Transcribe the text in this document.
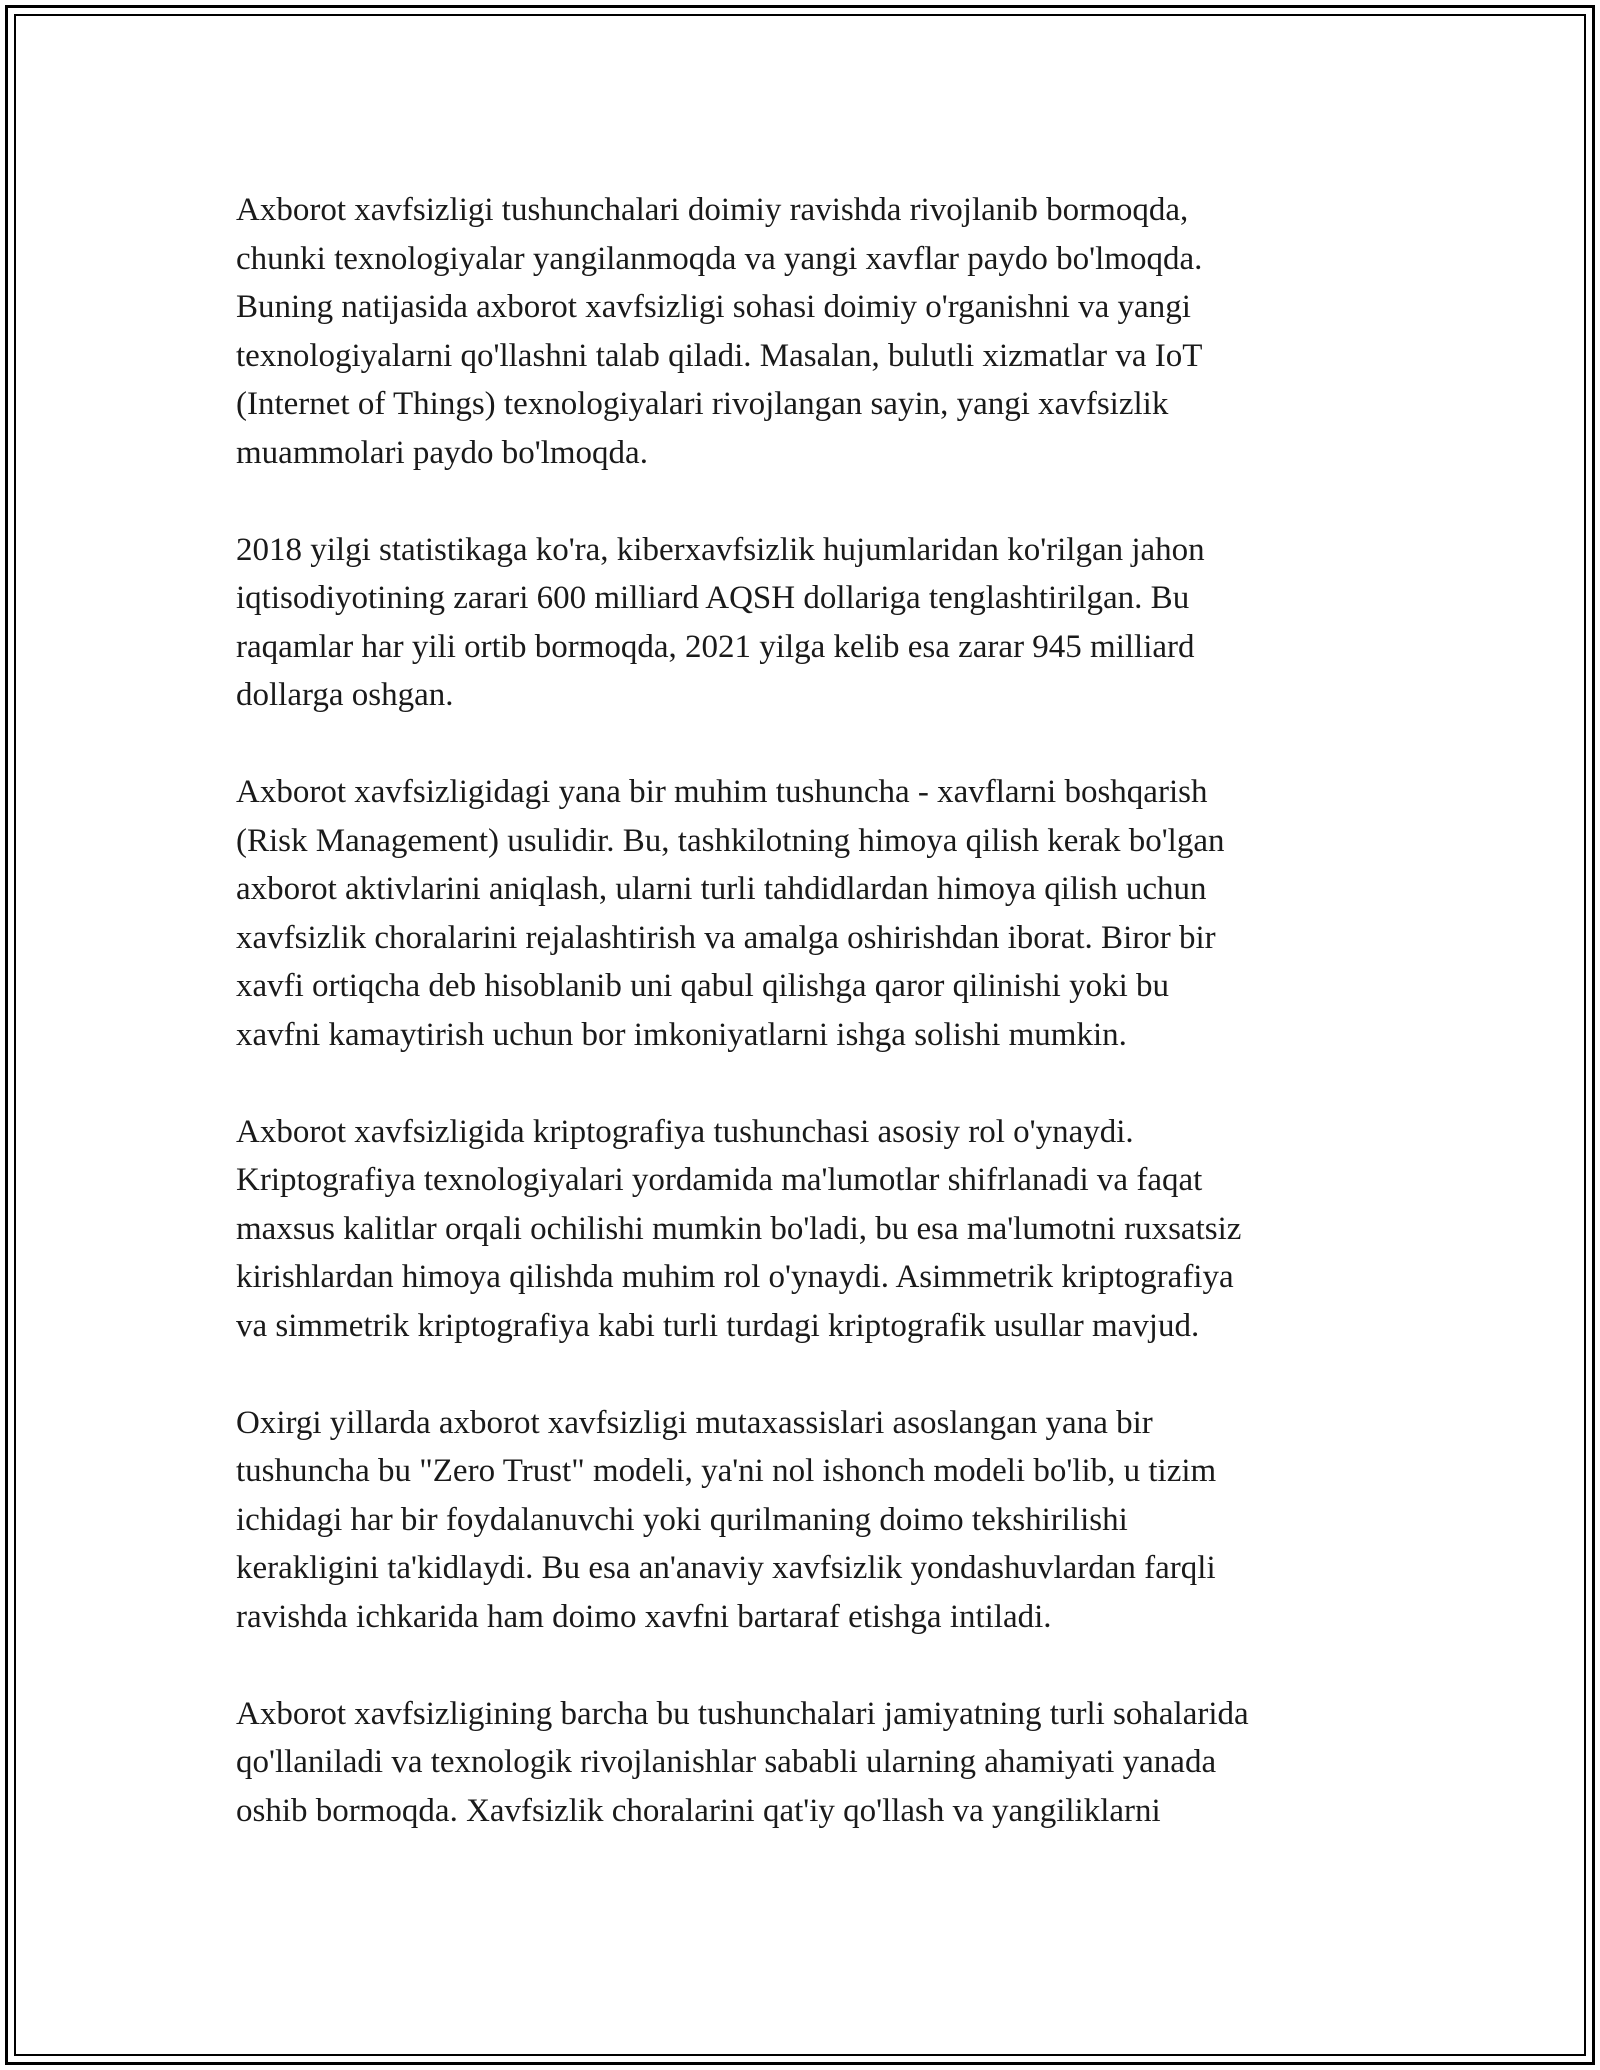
Axborot xavfsizligi tushunchalari doimiy ravishda rivojlanib bormoqda,
chunki texnologiyalar yangilanmoqda va yangi xavflar paydo bo'lmoqda.
Buning natijasida axborot xavfsizligi sohasi doimiy o'rganishni va yangi
texnologiyalarni qo'llashni talab qiladi. Masalan, bulutli xizmatlar va IoT
(Internet of Things) texnologiyalari rivojlangan sayin, yangi xavfsizlik
muammolari paydo bo'lmoqda.
2018 yilgi statistikaga ko'ra, kiberxavfsizlik hujumlaridan ko'rilgan jahon
iqtisodiyotining zarari 600 milliard AQSH dollariga tenglashtirilgan. Bu
raqamlar har yili ortib bormoqda, 2021 yilga kelib esa zarar 945 milliard
dollarga oshgan.
Axborot xavfsizligidagi yana bir muhim tushuncha - xavflarni boshqarish
(Risk Management) usulidir. Bu, tashkilotning himoya qilish kerak bo'lgan
axborot aktivlarini aniqlash, ularni turli tahdidlardan himoya qilish uchun
xavfsizlik choralarini rejalashtirish va amalga oshirishdan iborat. Biror bir
xavfi ortiqcha deb hisoblanib uni qabul qilishga qaror qilinishi yoki bu
xavfni kamaytirish uchun bor imkoniyatlarni ishga solishi mumkin.
Axborot xavfsizligida kriptografiya tushunchasi asosiy rol o'ynaydi.
Kriptografiya texnologiyalari yordamida ma'lumotlar shifrlanadi va faqat
maxsus kalitlar orqali ochilishi mumkin bo'ladi, bu esa ma'lumotni ruxsatsiz
kirishlardan himoya qilishda muhim rol o'ynaydi. Asimmetrik kriptografiya
va simmetrik kriptografiya kabi turli turdagi kriptografik usullar mavjud.
Oxirgi yillarda axborot xavfsizligi mutaxassislari asoslangan yana bir
tushuncha bu "Zero Trust" modeli, ya'ni nol ishonch modeli bo'lib, u tizim
ichidagi har bir foydalanuvchi yoki qurilmaning doimo tekshirilishi
kerakligini ta'kidlaydi. Bu esa an'anaviy xavfsizlik yondashuvlardan farqli
ravishda ichkarida ham doimo xavfni bartaraf etishga intiladi.
Axborot xavfsizligining barcha bu tushunchalari jamiyatning turli sohalarida
qo'llaniladi va texnologik rivojlanishlar sababli ularning ahamiyati yanada
oshib bormoqda. Xavfsizlik choralarini qat'iy qo'llash va yangiliklarni
